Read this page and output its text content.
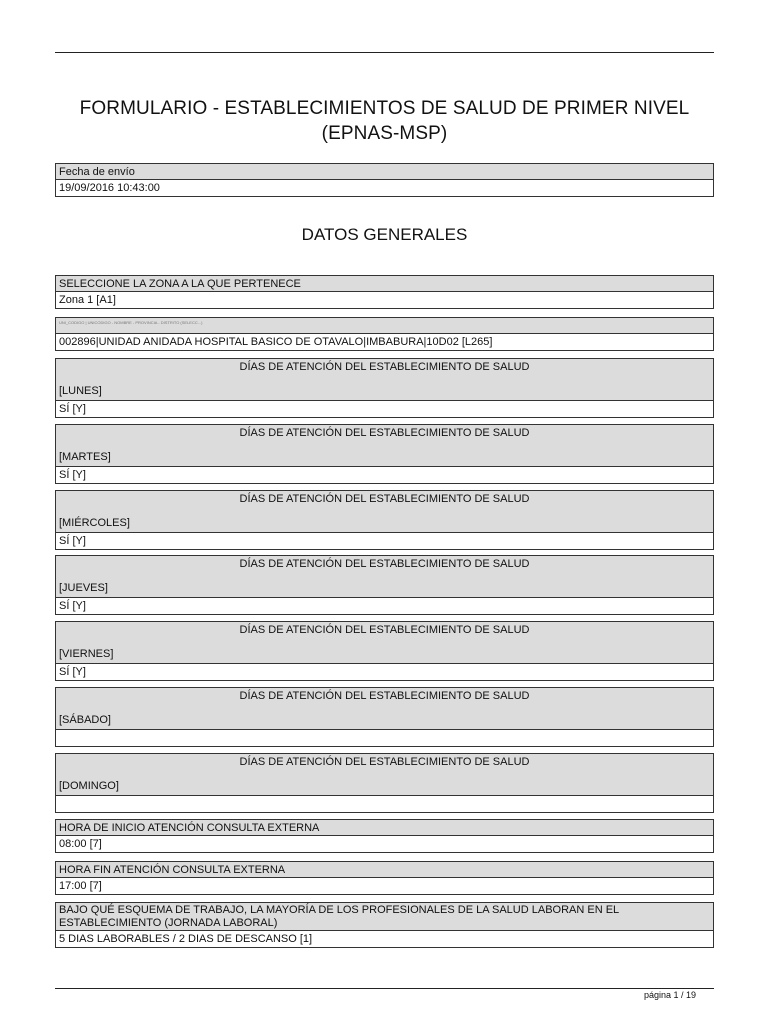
FORMULARIO - ESTABLECIMIENTOS DE SALUD DE PRIMER NIVEL
(EPNAS-MSP)
Fecha de envío
19/09/2016 10:43:00
DATOS GENERALES
SELECCIONE LA ZONA A LA QUE PERTENECE
Zona 1 [A1]
UNI_CODIGO | UNICODIGO - NOMBRE - PROVINCIA - DISTRITO (SELECC...)
002896|UNIDAD ANIDADA HOSPITAL BASICO DE OTAVALO|IMBABURA|10D02 [L265]
DÍAS DE ATENCIÓN DEL ESTABLECIMIENTO DE SALUD
[LUNES]
SÍ [Y]
DÍAS DE ATENCIÓN DEL ESTABLECIMIENTO DE SALUD
[MARTES]
SÍ [Y]
DÍAS DE ATENCIÓN DEL ESTABLECIMIENTO DE SALUD
[MIÉRCOLES]
SÍ [Y]
DÍAS DE ATENCIÓN DEL ESTABLECIMIENTO DE SALUD
[JUEVES]
SÍ [Y]
DÍAS DE ATENCIÓN DEL ESTABLECIMIENTO DE SALUD
[VIERNES]
SÍ [Y]
DÍAS DE ATENCIÓN DEL ESTABLECIMIENTO DE SALUD
[SÁBADO]
DÍAS DE ATENCIÓN DEL ESTABLECIMIENTO DE SALUD
[DOMINGO]
HORA DE INICIO ATENCIÓN CONSULTA EXTERNA
08:00 [7]
HORA FIN ATENCIÓN CONSULTA EXTERNA
17:00 [7]
BAJO QUÉ ESQUEMA DE TRABAJO, LA MAYORÍA DE LOS PROFESIONALES DE LA SALUD LABORAN EN EL ESTABLECIMIENTO (JORNADA LABORAL)
5 DIAS LABORABLES / 2 DIAS DE DESCANSO [1]
página 1 / 19
